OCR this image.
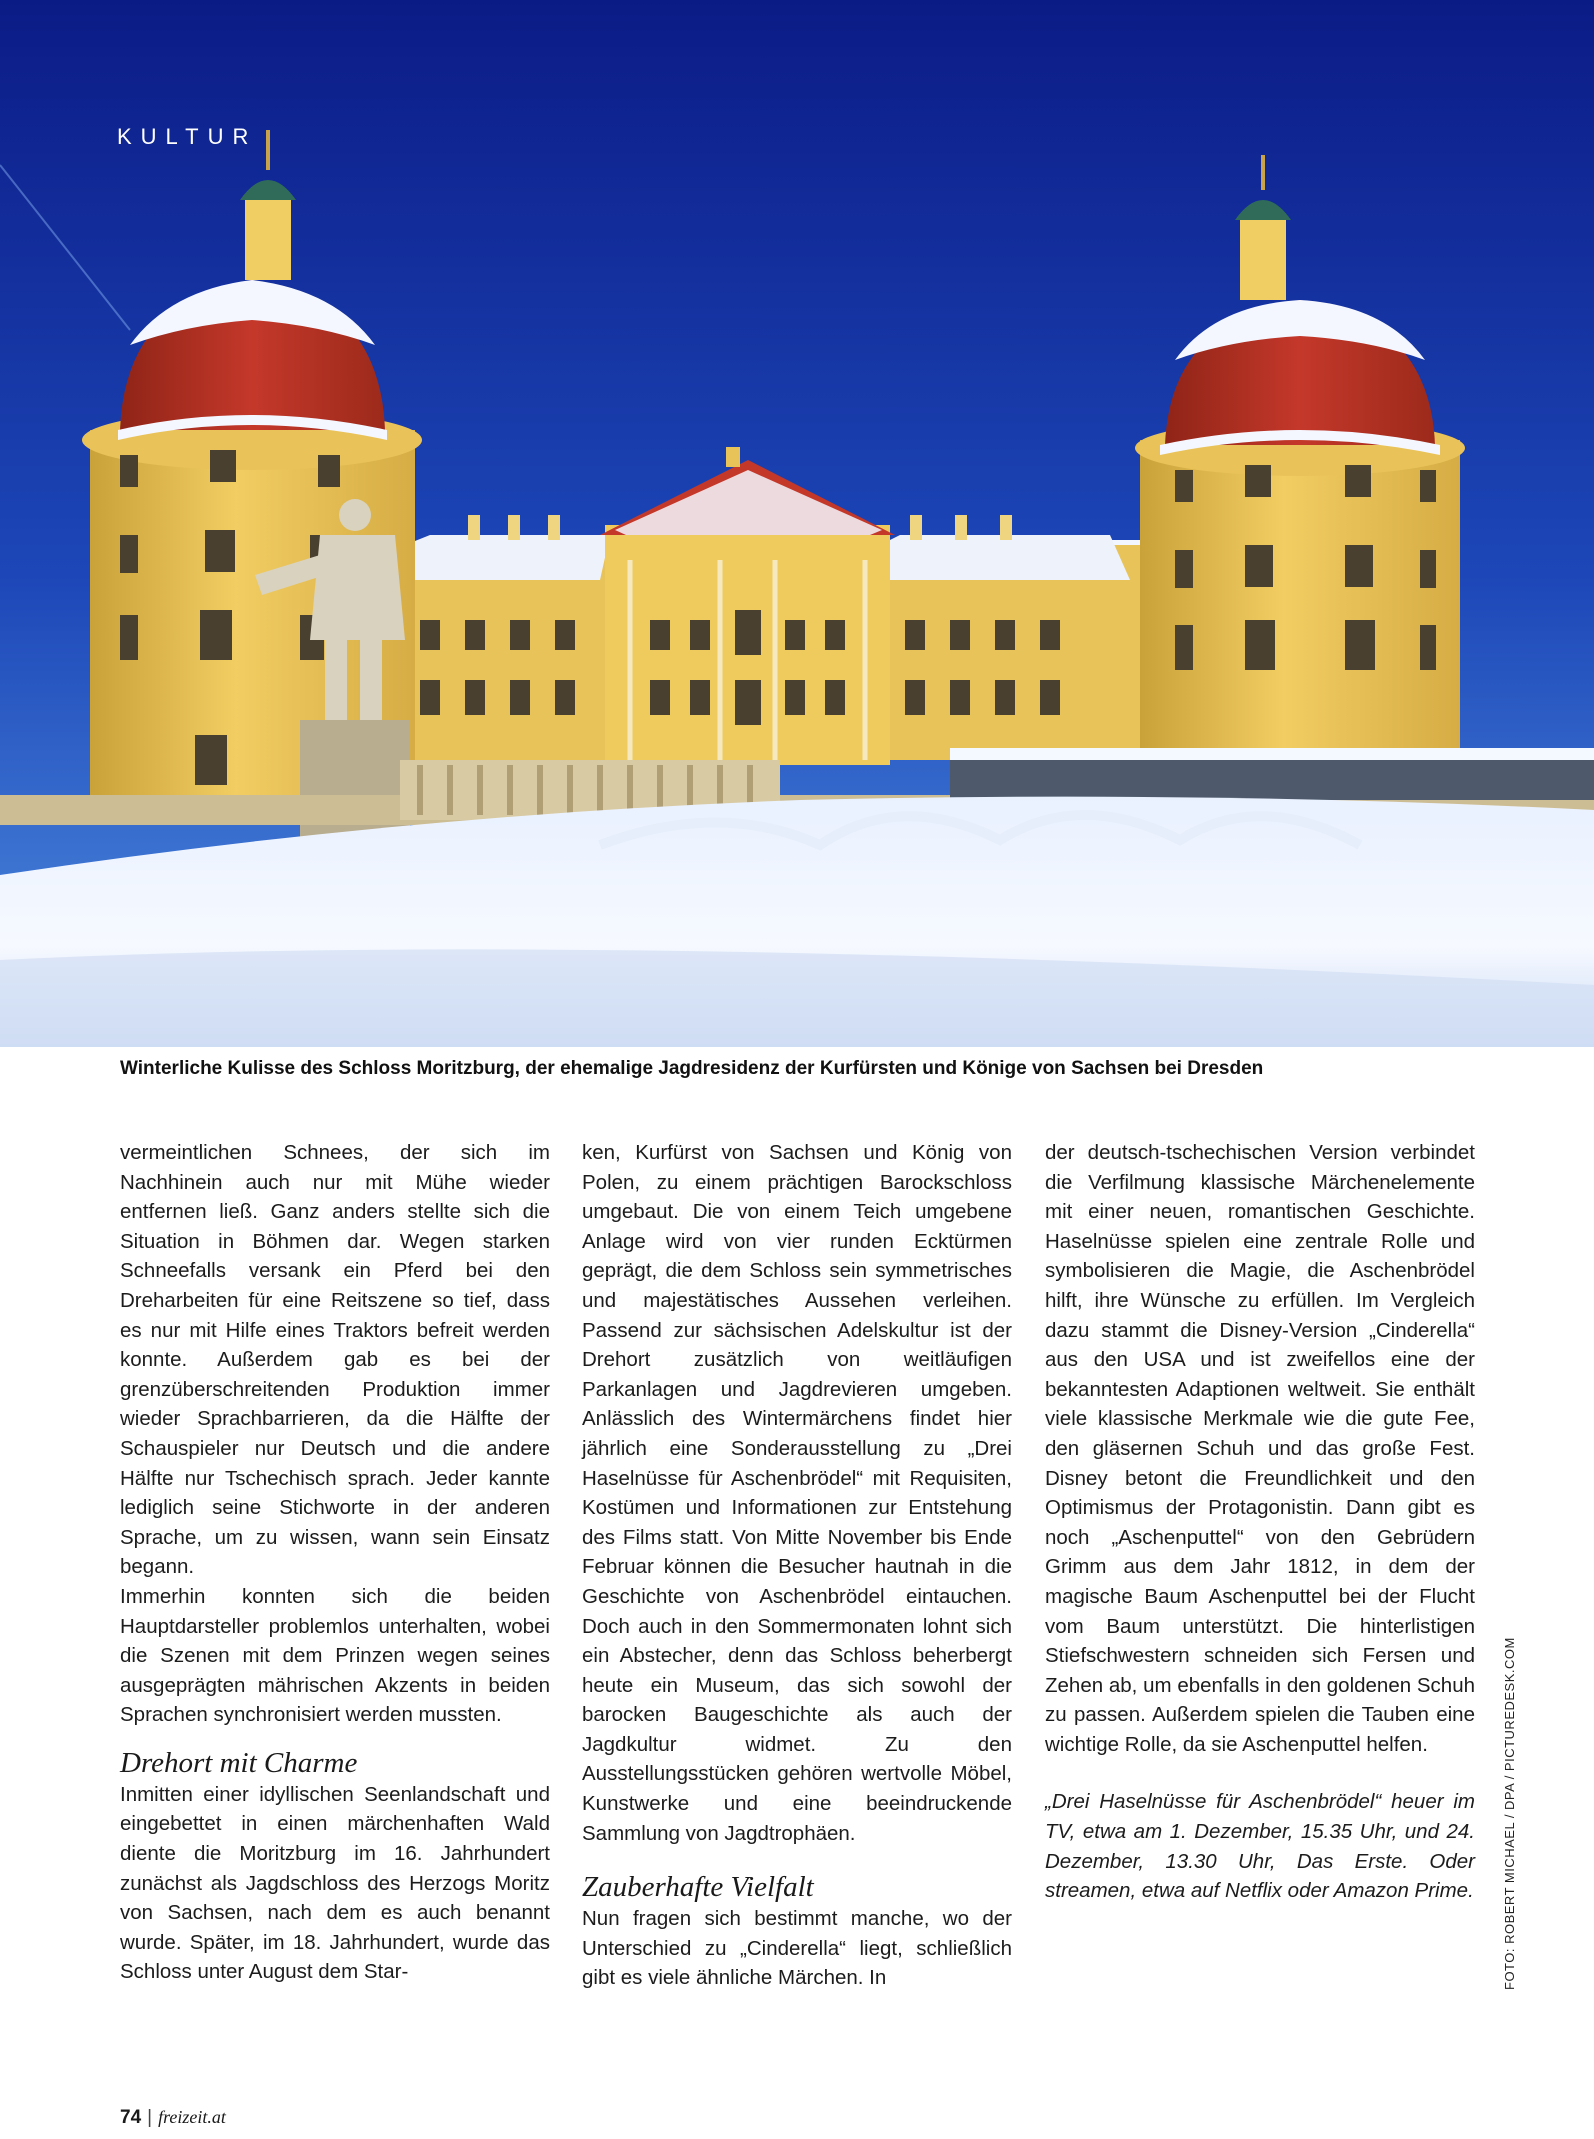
KULTUR
Winterliche Kulisse des Schloss Moritzburg, der ehemalige Jagdresidenz der Kurfürsten und Könige von Sachsen bei Dresden

vermeintlichen Schnees, der sich im Nachhinein auch nur mit Mühe wieder entfernen ließ. Ganz anders stellte sich die Situation in Böhmen dar. Wegen starken Schneefalls versank ein Pferd bei den Dreharbeiten für eine Reitszene so tief, dass es nur mit Hilfe eines Traktors befreit werden konnte. Außerdem gab es bei der grenzüberschreitenden Produktion immer wieder Sprachbarrieren, da die Hälfte der Schauspieler nur Deutsch und die andere Hälfte nur Tschechisch sprach. Jeder kannte lediglich seine Stichworte in der anderen Sprache, um zu wissen, wann sein Einsatz begann.

Immerhin konnten sich die beiden Hauptdarsteller problemlos unterhalten, wobei die Szenen mit dem Prinzen wegen seines ausgeprägten mährischen Akzents in beiden Sprachen synchronisiert werden mussten.

Drehort mit Charme

Inmitten einer idyllischen Seenlandschaft und eingebettet in einen märchenhaften Wald diente die Moritzburg im 16. Jahrhundert zunächst als Jagdschloss des Herzogs Moritz von Sachsen, nach dem es auch benannt wurde. Später, im 18. Jahrhundert, wurde das Schloss unter August dem Star-

ken, Kurfürst von Sachsen und König von Polen, zu einem prächtigen Barockschloss umgebaut. Die von einem Teich umgebene Anlage wird von vier runden Ecktürmen geprägt, die dem Schloss sein symmetrisches und majestätisches Aussehen verleihen. Passend zur sächsischen Adelskultur ist der Drehort zusätzlich von weitläufigen Parkanlagen und Jagdrevieren umgeben. Anlässlich des Wintermärchens findet hier jährlich eine Sonderausstellung zu „Drei Haselnüsse für Aschenbrödel“ mit Requisiten, Kostümen und Informationen zur Entstehung des Films statt. Von Mitte November bis Ende Februar können die Besucher hautnah in die Geschichte von Aschenbrödel eintauchen. Doch auch in den Sommermonaten lohnt sich ein Abstecher, denn das Schloss beherbergt heute ein Museum, das sich sowohl der barocken Baugeschichte als auch der Jagdkultur widmet. Zu den Ausstellungsstücken gehören wertvolle Möbel, Kunstwerke und eine beeindruckende Sammlung von Jagdtrophäen.

Zauberhafte Vielfalt

Nun fragen sich bestimmt manche, wo der Unterschied zu „Cinderella“ liegt, schließlich gibt es viele ähnliche Märchen. In

der deutsch-tschechischen Version verbindet die Verfilmung klassische Märchenelemente mit einer neuen, romantischen Geschichte. Haselnüsse spielen eine zentrale Rolle und symbolisieren die Magie, die Aschenbrödel hilft, ihre Wünsche zu erfüllen. Im Vergleich dazu stammt die Disney-Version „Cinderella“ aus den USA und ist zweifellos eine der bekanntesten Adaptionen weltweit. Sie enthält viele klassische Merkmale wie die gute Fee, den gläsernen Schuh und das große Fest. Disney betont die Freundlichkeit und den Optimismus der Protagonistin. Dann gibt es noch „Aschenputtel“ von den Gebrüdern Grimm aus dem Jahr 1812, in dem der magische Baum Aschenputtel bei der Flucht vom Baum unterstützt. Die hinterlistigen Stiefschwestern schneiden sich Fersen und Zehen ab, um ebenfalls in den goldenen Schuh zu passen. Außerdem spielen die Tauben eine wichtige Rolle, da sie Aschenputtel helfen.

„Drei Haselnüsse für Aschenbrödel“ heuer im TV, etwa am 1. Dezember, 15.35 Uhr, und 24. Dezember, 13.30 Uhr, Das Erste. Oder streamen, etwa auf Netflix oder Amazon Prime. FOTO: ROBERT MICHAEL / DPA / PICTUREDESK.COM
74 | freizeit.at
